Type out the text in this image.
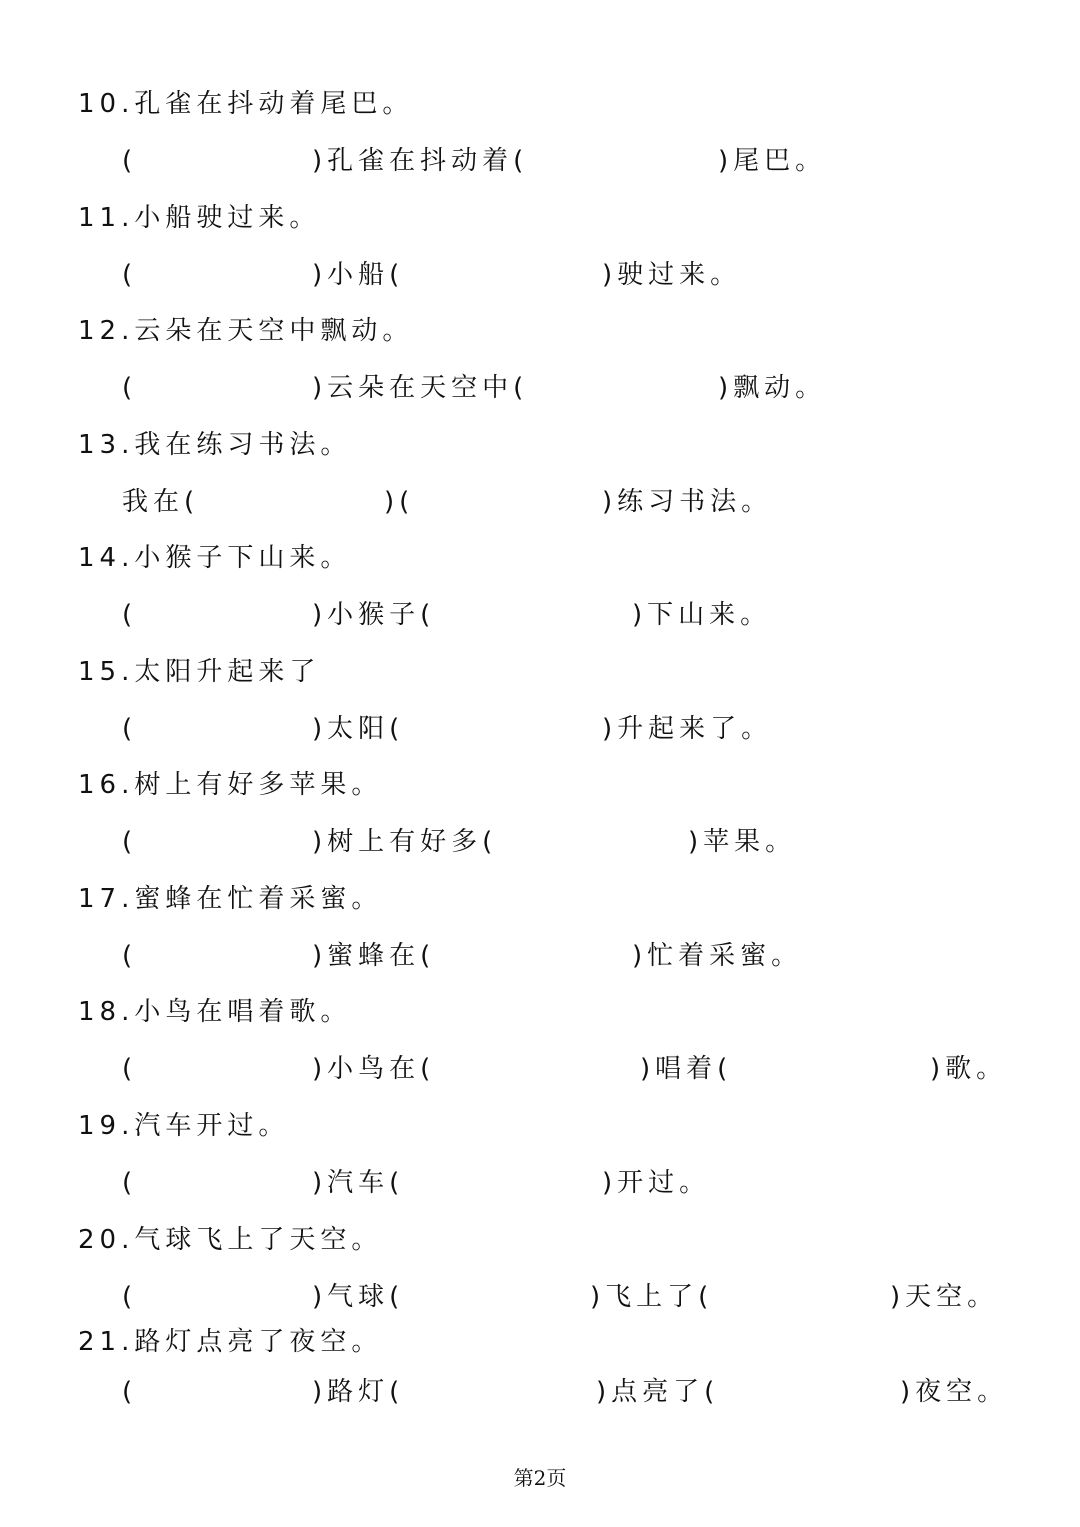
10.孔雀在抖动着尾巴。
(	)孔雀在抖动着(	)尾巴。
11.小船驶过来。
(	)小船(	)驶过来。
12.云朵在天空中飘动。
(	)云朵在天空中(	)飘动。
13.我在练习书法。
我在(	)(	)练习书法。
14.小猴子下山来。
(	)小猴子(	)下山来。
15.太阳升起来了
(	)太阳(	)升起来了。
16.树上有好多苹果。
(	)树上有好多(	)苹果。
17.蜜蜂在忙着采蜜。
(	)蜜蜂在(	)忙着采蜜。
18.小鸟在唱着歌。
(	)小鸟在(	)唱着(	)歌。
19.汽车开过。
(	)汽车(	)开过。
20.气球飞上了天空。
(	)气球(	)飞上了(	)天空。
21.路灯点亮了夜空。
(	)路灯(	)点亮了(	)夜空。
第2页
